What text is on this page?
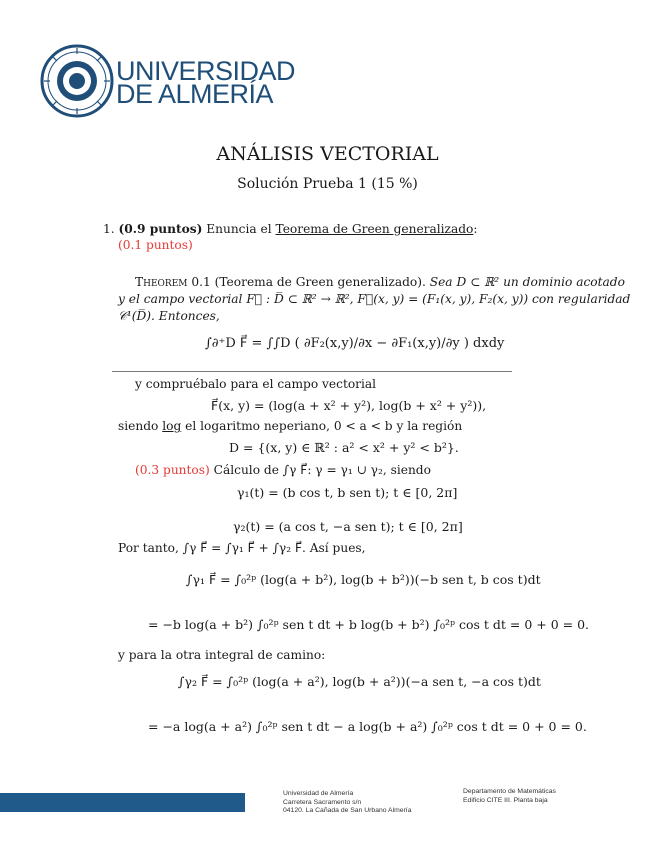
UNIVERSIDAD
DE ALMERÍA
ANÁLISIS VECTORIAL
Solución Prueba 1 (15 %)
1. (0.9 puntos) Enuncia el Teorema de Green generalizado:
(0.1 puntos)
Theorem 0.1 (Teorema de Green generalizado). Sea D ⊂ ℝ² un dominio acotado
y el campo vectorial F⃗ : D̅ ⊂ ℝ² → ℝ², F⃗(x, y) = (F₁(x, y), F₂(x, y)) con regularidad
𝒞¹(D̅). Entonces,
∫∂⁺D F⃗ = ∫∫D ( ∂F₂(x,y)/∂x − ∂F₁(x,y)/∂y ) dxdy
y compruébalo para el campo vectorial
F⃗(x, y) = (log(a + x² + y²), log(b + x² + y²)),
siendo log el logaritmo neperiano, 0 < a < b y la región
D = {(x, y) ∈ ℝ² : a² < x² + y² < b²}.
(0.3 puntos) Cálculo de ∫γ F⃗: γ = γ₁ ∪ γ₂, siendo
γ₁(t) = (b cos t, b sen t); t ∈ [0, 2π]
γ₂(t) = (a cos t, −a sen t); t ∈ [0, 2π]
Por tanto, ∫γ F⃗ = ∫γ₁ F⃗ + ∫γ₂ F⃗. Así pues,
∫γ₁ F⃗ = ∫₀²ᵖ (log(a + b²), log(b + b²))(−b sen t, b cos t)dt
= −b log(a + b²) ∫₀²ᵖ sen t dt + b log(b + b²) ∫₀²ᵖ cos t dt = 0 + 0 = 0.
y para la otra integral de camino:
∫γ₂ F⃗ = ∫₀²ᵖ (log(a + a²), log(b + a²))(−a sen t, −a cos t)dt
= −a log(a + a²) ∫₀²ᵖ sen t dt − a log(b + a²) ∫₀²ᵖ cos t dt = 0 + 0 = 0.
Universidad de Almería
Carretera Sacramento s/n
04120. La Cañada de San Urbano Almería
Departamento de Matemáticas
Edificio CITE III. Planta baja
